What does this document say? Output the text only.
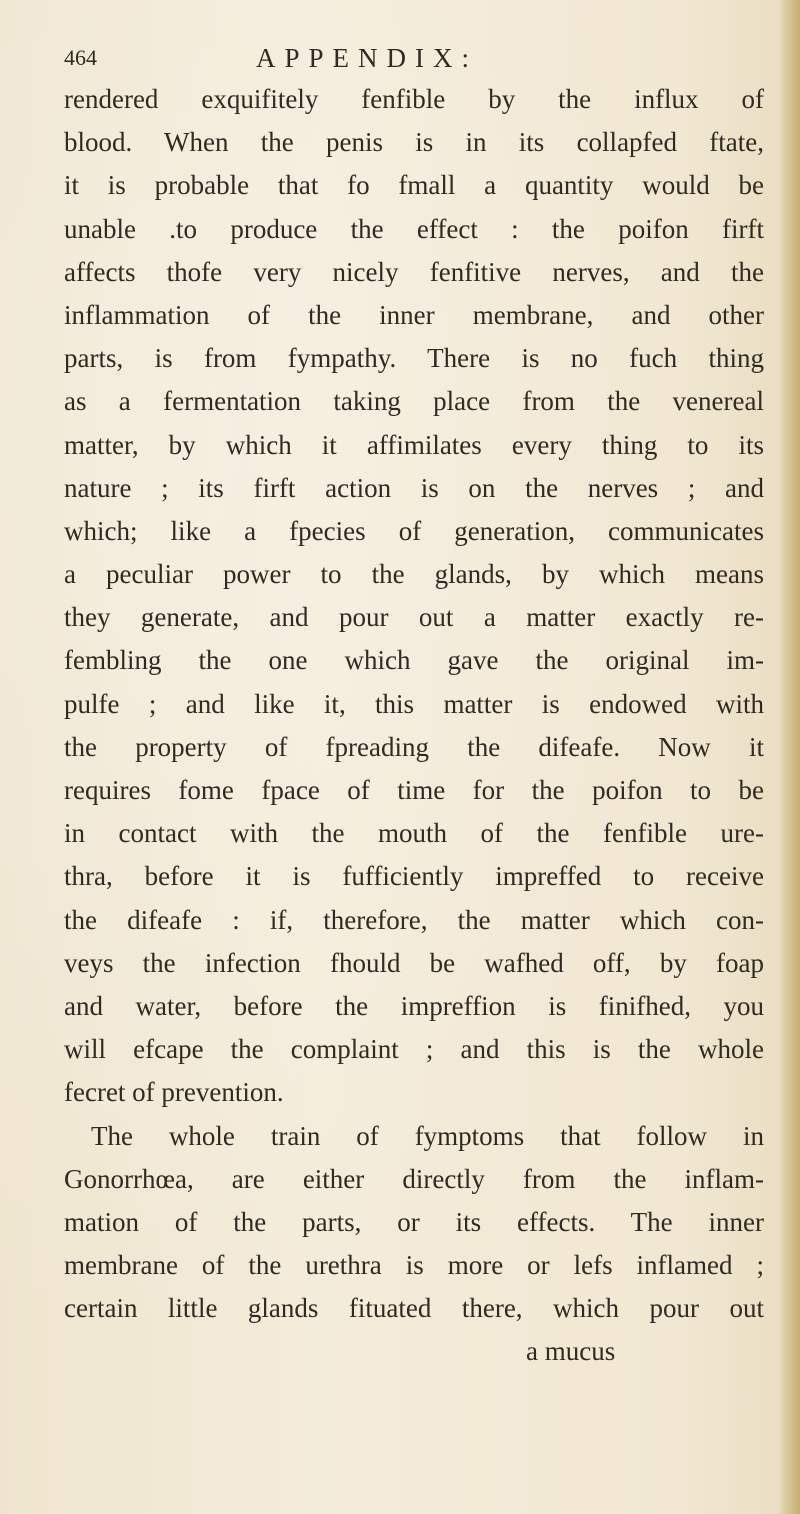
464	APPENDIX:
rendered exquifitely fenfible by the influx of
blood. When the penis is in its collapfed ftate,
it is probable that fo fmall a quantity would be
unable .to produce the effect : the poifon firft
affects thofe very nicely fenfitive nerves, and the
inflammation of the inner membrane, and other
parts, is from fympathy. There is no fuch thing
as a fermentation taking place from the venereal
matter, by which it affimilates every thing to its
nature ; its firft action is on the nerves ; and
which; like a fpecies of generation, communicates
a peculiar power to the glands, by which means
they generate, and pour out a matter exactly re-
fembling the one which gave the original im-
pulfe ; and like it, this matter is endowed with
the property of fpreading the difeafe. Now it
requires fome fpace of time for the poifon to be
in contact with the mouth of the fenfible ure-
thra, before it is fufficiently impreffed to receive
the difeafe : if, therefore, the matter which con-
veys the infection fhould be wafhed off, by foap
and water, before the impreffion is finifhed, you
will efcape the complaint ; and this is the whole
fecret of prevention.
The whole train of fymptoms that follow in
Gonorrhœa, are either directly from the inflam-
mation of the parts, or its effects. The inner
membrane of the urethra is more or lefs inflamed ;
certain little glands fituated there, which pour out
a mucus
